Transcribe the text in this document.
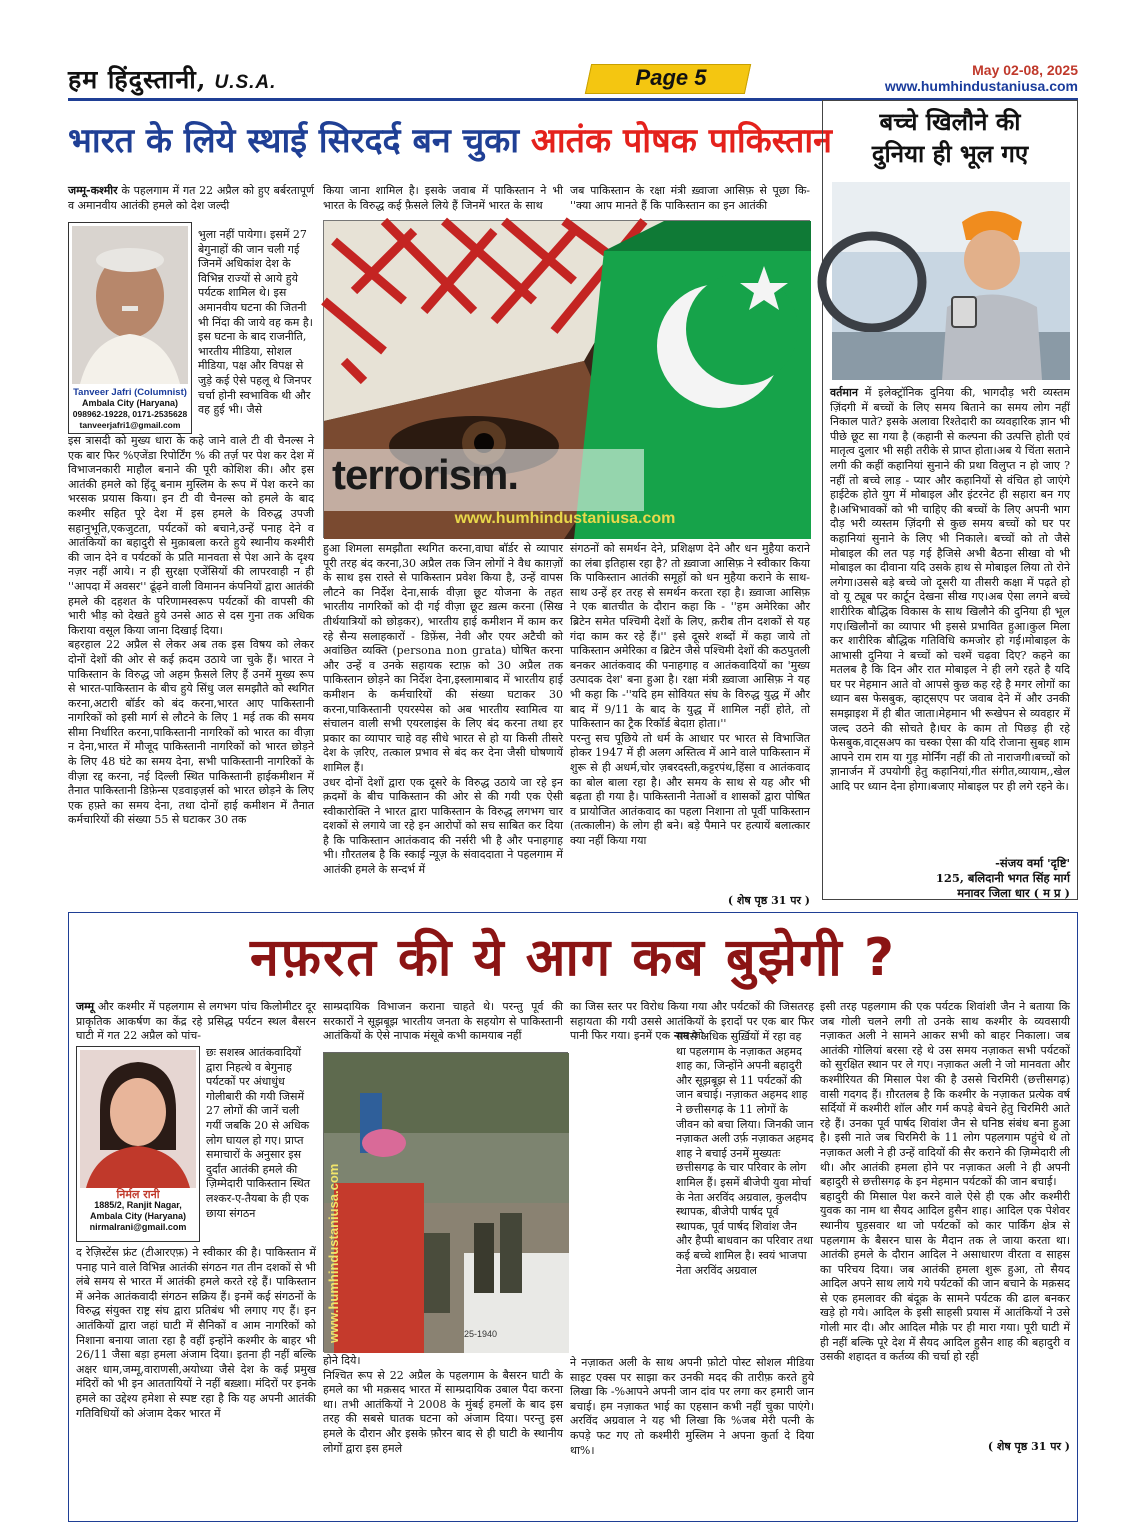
हम हिंदुस्तानी, U.S.A.	Page 5	May 02-08, 2025
www.humhindustaniusa.com
भारत के लिये स्थाई सिरदर्द बन चुका आतंक पोषक पाकिस्तान
जम्मू-कश्मीर के पहलगाम में गत 22 अप्रैल को हुए बर्बरतापूर्ण व अमानवीय आतंकी हमले को देश जल्दी
Tanveer Jafri (Columnist)
Ambala City (Haryana)
098962-19228, 0171-2535628
tanveerjafri1@gmail.com
भुला नहीं पायेगा। इसमें 27 बेगुनाहों की जान चली गई जिनमें अधिकांश देश के विभिन्न राज्यों से आये हुये पर्यटक शामिल थे। इस अमानवीय घटना की जितनी भी निंदा की जाये वह कम है। इस घटना के बाद राजनीति, भारतीय मीडिया, सोशल मीडिया, पक्ष और विपक्ष से जुड़े कई ऐसे पहलू थे जिनपर चर्चा होनी स्वभाविक थी और वह हुई भी। जैसे
इस त्रासदी को मुख्य धारा के कहे जाने वाले टी वी चैनल्स ने एक बार फिर %एजेंडा रिपोर्टिंग % की तर्ज़ पर पेश कर देश में विभाजनकारी माहौल बनाने की पूरी कोशिश की। और इस आतंकी हमले को हिंदू बनाम मुस्लिम के रूप में पेश करने का भरसक प्रयास किया। इन टी वी चैनल्स को हमले के बाद कश्मीर सहित पूरे देश में इस हमले के विरुद्ध उपजी सहानुभूति,एकजुटता, पर्यटकों को बचाने,उन्हें पनाह देने व आतंकियों का बहादुरी से मुक़ाबला करते हुये स्थानीय कश्मीरी की जान देने व पर्यटकों के प्रति मानवता से पेश आने के दृश्य नज़र नहीं आये। न ही सुरक्षा एजेंसियों की लापरवाही न ही ''आपदा में अवसर'' ढूंढ़ने वाली विमानन कंपनियों द्वारा आतंकी हमले की दहशत के परिणामस्वरूप पर्यटकों की वापसी की भारी भीड़ को देखते हुये उनसे आठ से दस गुना तक अधिक किराया वसूल किया जाना दिखाई दिया।
बहरहाल 22 अप्रैल से लेकर अब तक इस विषय को लेकर दोनों देशों की ओर से कई क़दम उठाये जा चुके हैं। भारत ने पाकिस्तान के विरुद्ध जो अहम फ़ैसले लिए हैं उनमें मुख्य रूप से भारत-पाकिस्तान के बीच हुये सिंधु जल समझौते को स्थगित करना,अटारी बॉर्डर को बंद करना,भारत आए पाकिस्तानी नागरिकों को इसी मार्ग से लौटने के लिए 1 मई तक की समय सीमा निर्धारित करना,पाकिस्तानी नागरिकों को भारत का वीज़ा न देना,भारत में मौजूद पाकिस्तानी नागरिकों को भारत छोड़ने के लिए 48 घंटे का समय देना, सभी पाकिस्तानी नागरिकों के वीज़ा रद्द करना, नई दिल्ली स्थित पाकिस्तानी हाईकमीशन में तैनात पाकिस्तानी डिफ़ेन्स एडवाइज़र्स को भारत छोड़ने के लिए एक हफ़्ते का समय देना, तथा दोनों हाई कमीशन में तैनात कर्मचारियों की संख्या 55 से घटाकर 30 तक
किया जाना शामिल है। इसके जवाब में पाकिस्तान ने भी भारत के विरुद्ध कई फ़ैसले लिये हैं जिनमें भारत के साथ
जब पाकिस्तान के रक्षा मंत्री ख़्वाजा आसिफ़ से पूछा कि- ''क्या आप मानते हैं कि पाकिस्तान का इन आतंकी
terrorism.
www.humhindustaniusa.com
हुआ शिमला समझौता स्थगित करना,वाघा बॉर्डर से व्यापार पूरी तरह बंद करना,30 अप्रैल तक जिन लोगों ने वैध काग़ज़ों के साथ इस रास्ते से पाकिस्तान प्रवेश किया है, उन्हें वापस लौटने का निर्देश देना,सार्क वीज़ा छूट योजना के तहत भारतीय नागरिकों को दी गई वीज़ा छूट ख़त्म करना (सिख तीर्थयात्रियों को छोड़कर), भारतीय हाई कमीशन में काम कर रहे सैन्य सलाहकारों - डिफ़ेंस, नेवी और एयर अटैची को अवांछित व्यक्ति (persona non grata) घोषित करना और उन्हें व उनके सहायक स्टाफ़ को 30 अप्रैल तक पाकिस्तान छोड़ने का निर्देश देना,इस्लामाबाद में भारतीय हाई कमीशन के कर्मचारियों की संख्या घटाकर 30 करना,पाकिस्तानी एयरस्पेस को अब भारतीय स्वामित्व या संचालन वाली सभी एयरलाइंस के लिए बंद करना तथा हर प्रकार का व्यापार चाहे वह सीधे भारत से हो या किसी तीसरे देश के ज़रिए, तत्काल प्रभाव से बंद कर देना जैसी घोषणायें शामिल हैं।
उधर दोनों देशों द्वारा एक दूसरे के विरुद्ध उठाये जा रहे इन क़दमों के बीच पाकिस्तान की ओर से की गयी एक ऐसी स्वीकारोक्ति ने भारत द्वारा पाकिस्तान के विरुद्ध लगभग चार दशकों से लगाये जा रहे इन आरोपों को सच साबित कर दिया है कि पाकिस्तान आतंकवाद की नर्सरी भी है और पनाहगाह भी। ग़ौरतलब है कि स्काई न्यूज़ के संवाददाता ने पहलगाम में आतंकी हमले के सन्दर्भ में
संगठनों को समर्थन देने, प्रशिक्षण देने और धन मुहैया कराने का लंबा इतिहास रहा है? तो ख़्वाजा आसिफ़ ने स्वीकार किया कि पाकिस्तान आतंकी समूहों को धन मुहैया कराने के साथ-साथ उन्हें हर तरह से समर्थन करता रहा है। ख़्वाजा आसिफ़ ने एक बातचीत के दौरान कहा कि - ''हम अमेरिका और ब्रिटेन समेत पश्चिमी देशों के लिए, क़रीब तीन दशकों से यह गंदा काम कर रहे हैं।'' इसे दूसरे शब्दों में कहा जाये तो पाकिस्तान अमेरिका व ब्रिटेन जैसे पश्चिमी देशों की कठपुतली बनकर आतंकवाद की पनाहगाह व आतंकवादियों का 'मुख्य उत्पादक देश' बना हुआ है। रक्षा मंत्री ख़्वाजा आसिफ़ ने यह भी कहा कि -''यदि हम सोवियत संघ के विरुद्ध युद्ध में और बाद में 9/11 के बाद के युद्ध में शामिल नहीं होते, तो पाकिस्तान का ट्रैक रिकॉर्ड बेदाग़ होता।''
परन्तु सच पूछिये तो धर्म के आधार पर भारत से विभाजित होकर 1947 में ही अलग अस्तित्व में आने वाले पाकिस्तान में शुरू से ही अधर्म,चोर ज़बरदस्ती,कट्टरपंथ,हिंसा व आतंकवाद का बोल बाला रहा है। और समय के साथ से यह और भी बढ़ता ही गया है। पाकिस्तानी नेताओं व शासकों द्वारा पोषित व प्रायोजित आतंकवाद का पहला निशाना तो पूर्वी पाकिस्तान (तत्कालीन) के लोग ही बने। बड़े पैमाने पर हत्यायें बलात्कार क्या नहीं किया गया
( शेष पृष्ठ 31 पर )
बच्चे खिलौने की
दुनिया ही भूल गए
वर्तमान में इलेक्ट्रॉनिक दुनिया की, भागदौड़ भरी व्यस्तम ज़िंदगी में बच्चों के लिए समय बिताने का समय लोग नहीं निकाल पाते? इसके अलावा रिश्तेदारी का व्यवहारिक ज्ञान भी पीछे छूट सा गया है (कहानी से कल्पना की उत्पत्ति होती एवं मातृत्व दुलार भी सही तरीके से प्राप्त होता।अब ये चिंता सताने लगी की कहीं कहानियां सुनाने की प्रथा विलुप्त न हो जाए ?नहीं तो बच्चे लाड़ - प्यार और कहानियों से वंचित हो जाएंगे हाईटेक होते युग में मोबाइल और इंटरनेट ही सहारा बन गए है।अभिभावकों को भी चाहिए की बच्चों के लिए अपनी भाग दौड़ भरी व्यस्तम ज़िंदगी से कुछ समय बच्चों को घर पर कहानियां सुनाने के लिए भी निकाले। बच्चों को तो जैसे मोबाइल की लत पड़ गई हैजिसे अभी बैठना सीखा वो भी मोबाइल का दीवाना यदि उसके हाथ से मोबाइल लिया तो रोने लगेगा।उससे बड़े बच्चे जो दूसरी या तीसरी कक्षा में पढ़ते हो वो यू ट्यूब पर कार्टून देखना सीख गए।अब ऐसा लगने बच्चे शारीरिक बौद्धिक विकास के साथ खिलौने की दुनिया ही भूल गए।खिलौनों का व्यापार भी इससे प्रभावित हुआ।कुल मिला कर शारीरिक बौद्धिक गतिविधि कमजोर हो गई।मोबाइल के आभासी दुनिया ने बच्चों को चश्में चढ़वा दिए? कहने का मतलब है कि दिन और रात मोबाइल ने ही लगे रहते है यदि घर पर मेहमान आते वो आपसे कुछ कह रहे है मगर लोगों का ध्यान बस फेसबुक, व्हाट्सएप पर जवाब देने में और उनकी समझाइश में ही बीत जाता।मेहमान भी रूखेपन से व्यवहार में जल्द उठने की सोचते है।घर के काम तो पिछड़ ही रहे फेसबुक,वाट्सअप का चस्का ऐसा की यदि रोजाना सुबह शाम आपने राम राम या गुड़ मोर्निंग नहीं की तो नाराजगी।बच्चों को ज्ञानार्जन में उपयोगी हेतु कहानियां,गीत संगीत,व्यायाम,,खेल आदि पर ध्यान देना होगा।बजाए मोबाइल पर ही लगे रहने के।
-संजय वर्मा 'दृष्टि'
125, बलिदानी भगत सिंह मार्ग
मनावर जिला धार ( म प्र )
नफ़रत की ये आग कब बुझेगी ?
जम्मू और कश्मीर में पहलगाम से लगभग पांच किलोमीटर दूर प्राकृतिक आकर्षण का केंद्र रहे प्रसिद्ध पर्यटन स्थल बैसरन घाटी में गत 22 अप्रैल को पांच-
निर्मल रानी
1885/2, Ranjit Nagar,
Ambala City (Haryana)
nirmalrani@gmail.com
छः सशस्त्र आतंकवादियों द्वारा निहत्थे व बेगुनाह पर्यटकों पर अंधाधुंध गोलीबारी की गयी जिसमें 27 लोगों की जानें चली गयीं जबकि 20 से अधिक लोग घायल हो गए। प्राप्त समाचारों के अनुसार इस दुर्दांत आतंकी हमले की ज़िम्मेदारी पाकिस्तान स्थित लश्कर-ए-तैयबा के ही एक छाया संगठन
द रेज़िस्टेंस फ्रंट (टीआरएफ़) ने स्वीकार की है। पाकिस्तान में पनाह पाने वाले विभिन्न आतंकी संगठन गत तीन दशकों से भी लंबे समय से भारत में आतंकी हमले करते रहे हैं। पाकिस्तान में अनेक आतंकवादी संगठन सक्रिय हैं। इनमें कई संगठनों के विरुद्ध संयुक्त राष्ट्र संघ द्वारा प्रतिबंध भी लगाए गए हैं। इन आतंकियों द्वारा जहां घाटी में सैनिकों व आम नागरिकों को निशाना बनाया जाता रहा है वहीं इन्होंने कश्मीर के बाहर भी 26/11 जैसा बड़ा हमला अंजाम दिया। इतना ही नहीं बल्कि अक्षर धाम,जम्मू,वाराणसी,अयोध्या जैसे देश के कई प्रमुख मंदिरों को भी इन आततायियों ने नहीं बख़्शा। मंदिरों पर इनके हमले का उद्देश्य हमेशा से स्पष्ट रहा है कि यह अपनी आतंकी गतिविधियों को अंजाम देकर भारत में
साम्प्रदायिक विभाजन कराना चाहते थे। परन्तु पूर्व की सरकारों ने सूझबूझ भारतीय जनता के सहयोग से पाकिस्तानी आतंकियों के ऐसे नापाक मंसूबे कभी कामयाब नहीं
25-1940
www.humhindustaniusa.com
होने दिये।
निश्चित रूप से 22 अप्रैल के पहलगाम के बैसरन घाटी के हमले का भी मक़सद भारत में साम्प्रदायिक उबाल पैदा करना था। तभी आतंकियों ने 2008 के मुंबई हमलों के बाद इस तरह की सबसे घातक घटना को अंजाम दिया। परन्तु इस हमले के दौरान और इसके फ़ौरन बाद से ही घाटी के स्थानीय लोगों द्वारा इस हमले
का जिस स्तर पर विरोध किया गया और पर्यटकों की जिसतरह सहायता की गयी उससे आतंकियों के इरादों पर एक बार फिर पानी फिर गया। इनमें एक नाम जो
सबसे अधिक सुर्ख़ियों में रहा वह था पहलगाम के नज़ाकत अहमद शाह का, जिन्होंने अपनी बहादुरी और सूझबूझ से 11 पर्यटकों की जान बचाई। नज़ाकत अहमद शाह ने छत्तीसगढ़ के 11 लोगों के जीवन को बचा लिया। जिनकी जान नज़ाकत अली उर्फ़ नज़ाकत अहमद शाह ने बचाई उनमें मुख्यतः छत्तीसगढ़ के चार परिवार के लोग शामिल हैं। इसमें बीजेपी युवा मोर्चा के नेता अरविंद अग्रवाल, कुलदीप स्थापक, बीजेपी पार्षद पूर्व स्थापक, पूर्व पार्षद शिवांश जैन और हैप्पी बाधवान का परिवार तथा कई बच्चे शामिल है। स्वयं भाजपा नेता अरविंद अग्रवाल
ने नज़ाकत अली के साथ अपनी फ़ोटो पोस्ट सोशल मीडिया साइट एक्स पर साझा कर उनकी मदद की तारीफ़ करते हुये लिखा कि -%आपने अपनी जान दांव पर लगा कर हमारी जान बचाई। हम नज़ाकत भाई का एहसान कभी नहीं चुका पाएंगे। अरविंद अग्रवाल ने यह भी लिखा कि %जब मेरी पत्नी के कपड़े फट गए तो कश्मीरी मुस्लिम ने अपना कुर्ता दे दिया था%।
इसी तरह पहलगाम की एक पर्यटक शिवांशी जैन ने बताया कि जब गोली चलने लगी तो उनके साथ कश्मीर के व्यवसायी नज़ाकत अली ने सामने आकर सभी को बाहर निकाला। जब आतंकी गोलियां बरसा रहे थे उस समय नज़ाकत सभी पर्यटकों को सुरक्षित स्थान पर ले गए। नज़ाकत अली ने जो मानवता और कश्मीरियत की मिसाल पेश की है उससे चिरमिरी (छत्तीसगढ़) वासी गदगद हैं। ग़ौरतलब है कि कश्मीर के नज़ाकत प्रत्येक वर्ष सर्दियों में कश्मीरी शॉल और गर्म कपड़े बेचने हेतु चिरमिरी आते रहे हैं। उनका पूर्व पार्षद शिवांश जैन से घनिष्ठ संबंध बना हुआ है। इसी नाते जब चिरमिरी के 11 लोग पहलगाम पहुंचे थे तो नज़ाकत अली ने ही उन्हें वादियों की सैर कराने की ज़िम्मेदारी ली थी। और आतंकी हमला होने पर नज़ाकत अली ने ही अपनी बहादुरी से छत्तीसगढ़ के इन मेहमान पर्यटकों की जान बचाई।
बहादुरी की मिसाल पेश करने वाले ऐसे ही एक और कश्मीरी युवक का नाम था सैयद आदिल हुसैन शाह। आदिल एक पेशेवर स्थानीय घुड़सवार था जो पर्यटकों को कार पार्किंग क्षेत्र से पहलगाम के बैसरन घास के मैदान तक ले जाया करता था। आतंकी हमले के दौरान आदिल ने असाधारण वीरता व साहस का परिचय दिया। जब आतंकी हमला शुरू हुआ, तो सैयद आदिल अपने साथ लाये गये पर्यटकों की जान बचाने के मक़सद से एक हमलावर की बंदूक़ के सामने पर्यटक की ढाल बनकर खड़े हो गये। आदिल के इसी साहसी प्रयास में आतंकियों ने उसे गोली मार दी। और आदिल मौक़े पर ही मारा गया। पूरी घाटी में ही नहीं बल्कि पूरे देश में सैयद आदिल हुसैन शाह की बहादुरी व उसकी शहादत व कर्तव्य की चर्चा हो रही
( शेष पृष्ठ 31 पर )
